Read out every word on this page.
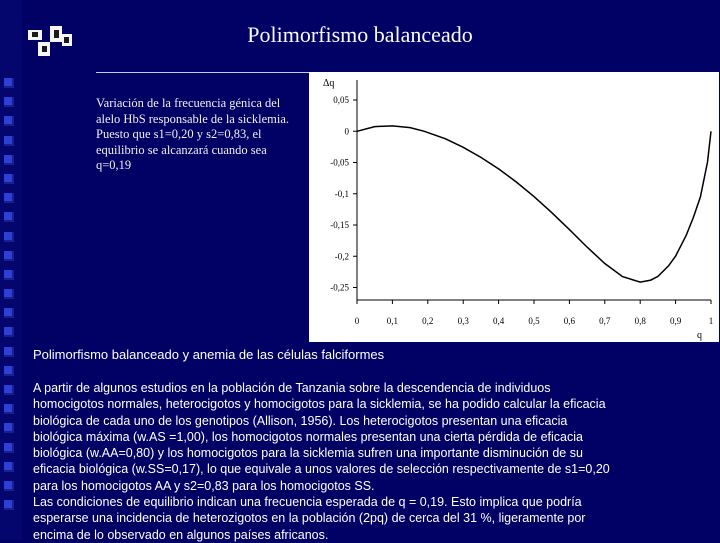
Polimorfismo balanceado
Variación de la frecuencia génica del alelo HbS responsable de la sicklemia. Puesto que s1=0,20 y s2=0,83, el equilibrio se alcanzará cuando sea q=0,19
0,05
0
-0,05
-0,1
-0,15
-0,2
-0,25
0	0,1	0,2	0,3	0,4	0,5	0,6	0,7	0,8	0,9	1
Δq
q
Polimorfismo balanceado y anemia de las células falciformes
A partir de algunos estudios en la población de Tanzania sobre la descendencia de individuos
homocigotos normales, heterocigotos y homocigotos para la sicklemia, se ha podido calcular la eficacia
biológica de cada uno de los genotipos (Allison, 1956). Los heterocigotos presentan una eficacia
biológica máxima (w.AS =1,00), los homocigotos normales presentan una cierta pérdida de eficacia
biológica (w.AA=0,80) y los homocigotos para la sicklemia sufren una importante disminución de su
eficacia biológica (w.SS=0,17), lo que equivale a unos valores de selección respectivamente de s1=0,20
para los homocigotos AA y s2=0,83 para los homocigotos SS.
Las condiciones de equilibrio indican una frecuencia esperada de q = 0,19. Esto implica que podría
esperarse una incidencia de heterozigotos en la población (2pq) de cerca del 31 %, ligeramente por
encima de lo observado en algunos países africanos.
